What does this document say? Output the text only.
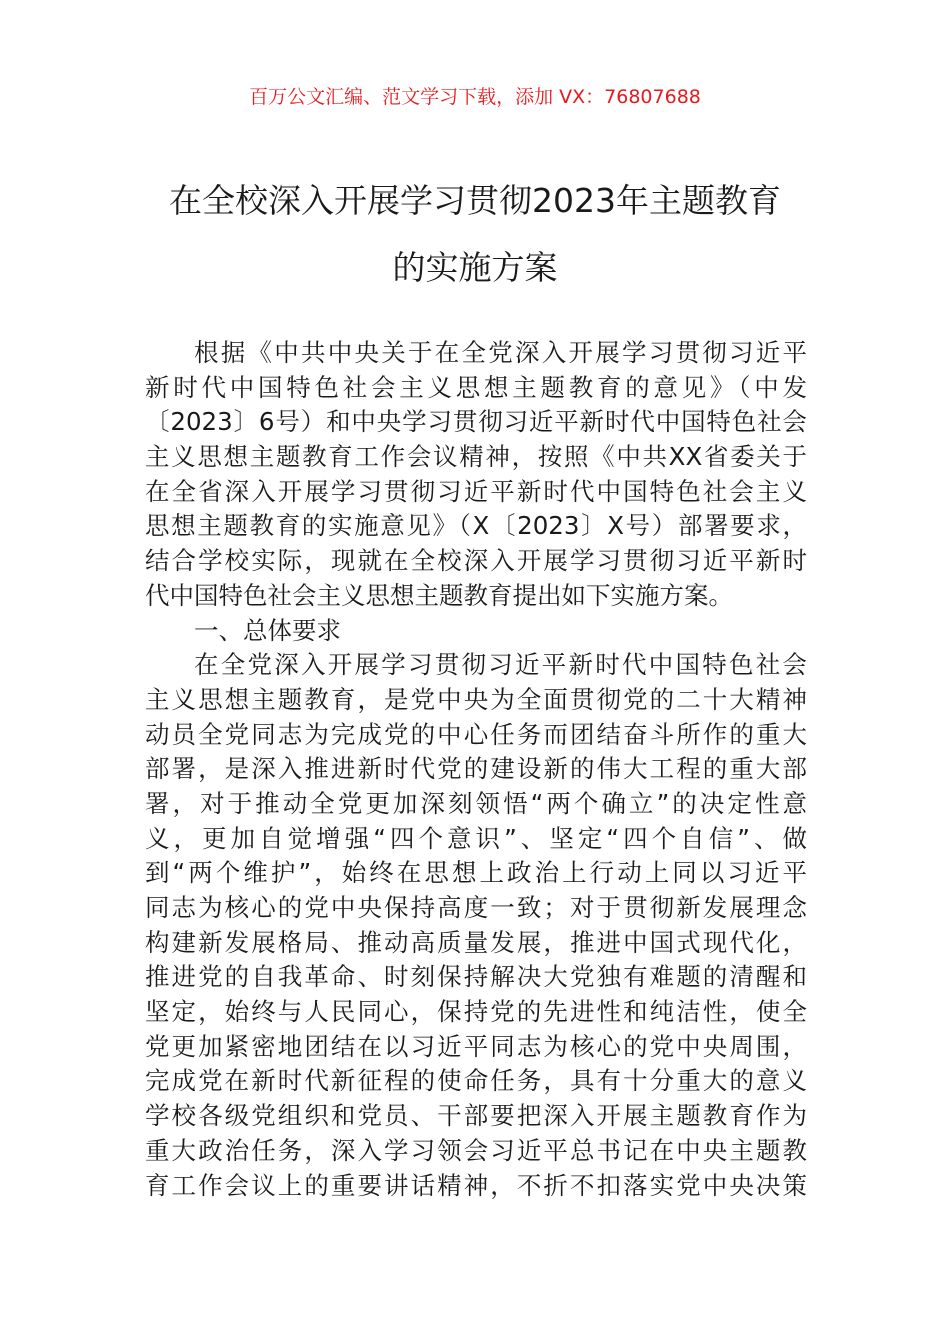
百万公文汇编、范文学习下载，添加 VX：76807688
在全校深入开展学习贯彻2023年主题教育
的实施方案
根据《中共中央关于在全党深入开展学习贯彻习近平
新时代中国特色社会主义思想主题教育的意见》（中发
〔2023〕6号）和中央学习贯彻习近平新时代中国特色社会
主义思想主题教育工作会议精神，按照《中共XX省委关于
在全省深入开展学习贯彻习近平新时代中国特色社会主义
思想主题教育的实施意见》（X〔2023〕X号）部署要求，
结合学校实际，现就在全校深入开展学习贯彻习近平新时
代中国特色社会主义思想主题教育提出如下实施方案。
一、总体要求
在全党深入开展学习贯彻习近平新时代中国特色社会
主义思想主题教育，是党中央为全面贯彻党的二十大精神
动员全党同志为完成党的中心任务而团结奋斗所作的重大
部署，是深入推进新时代党的建设新的伟大工程的重大部
署，对于推动全党更加深刻领悟“两个确立”的决定性意
义，更加自觉增强“四个意识”、坚定“四个自信”、做
到“两个维护”，始终在思想上政治上行动上同以习近平
同志为核心的党中央保持高度一致；对于贯彻新发展理念
构建新发展格局、推动高质量发展，推进中国式现代化，
推进党的自我革命、时刻保持解决大党独有难题的清醒和
坚定，始终与人民同心，保持党的先进性和纯洁性，使全
党更加紧密地团结在以习近平同志为核心的党中央周围，
完成党在新时代新征程的使命任务，具有十分重大的意义
学校各级党组织和党员、干部要把深入开展主题教育作为
重大政治任务，深入学习领会习近平总书记在中央主题教
育工作会议上的重要讲话精神，不折不扣落实党中央决策
